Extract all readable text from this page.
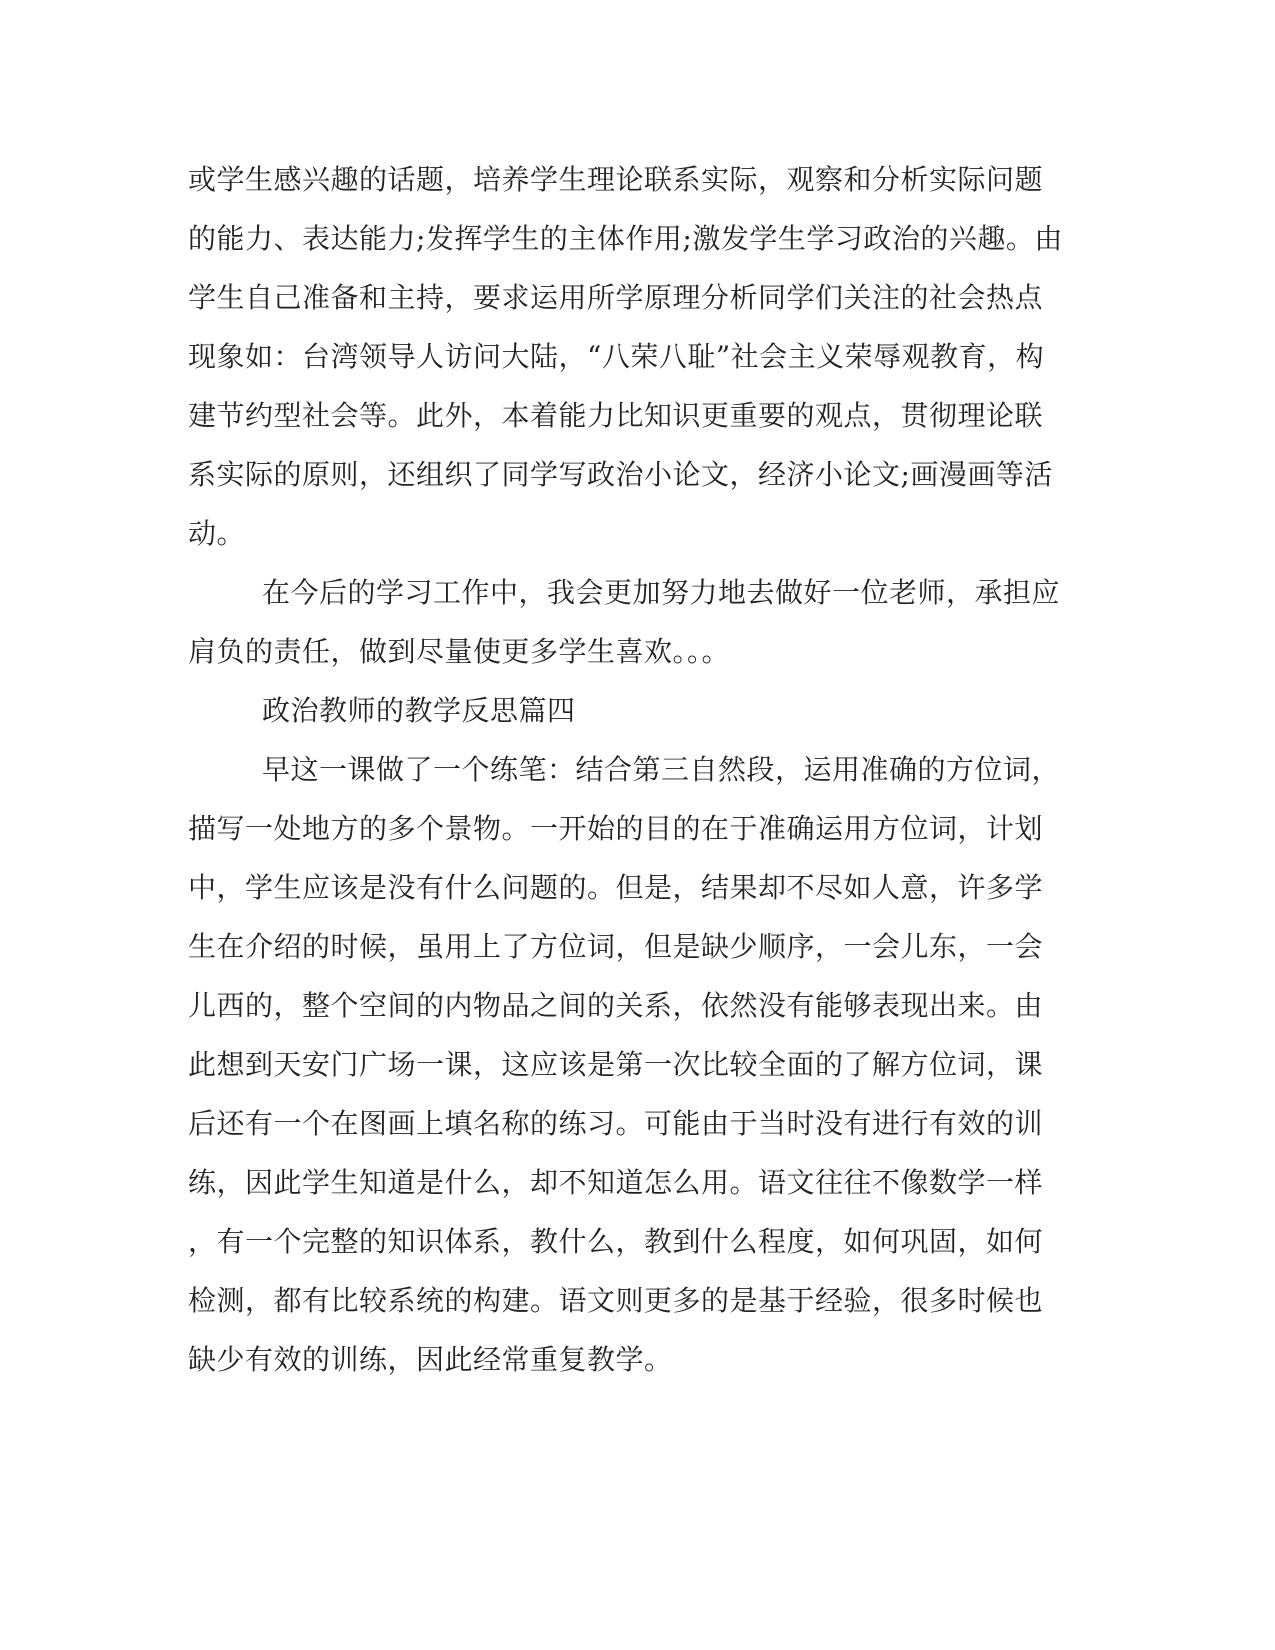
或学生感兴趣的话题，培养学生理论联系实际，观察和分析实际问题
的能力、表达能力;发挥学生的主体作用;激发学生学习政治的兴趣。由
学生自己准备和主持，要求运用所学原理分析同学们关注的社会热点
现象如：台湾领导人访问大陆，“八荣八耻”社会主义荣辱观教育，构
建节约型社会等。此外，本着能力比知识更重要的观点，贯彻理论联
系实际的原则，还组织了同学写政治小论文，经济小论文;画漫画等活
动。
在今后的学习工作中，我会更加努力地去做好一位老师，承担应
肩负的责任，做到尽量使更多学生喜欢。。。
政治教师的教学反思篇四
早这一课做了一个练笔：结合第三自然段，运用准确的方位词，
描写一处地方的多个景物。一开始的目的在于准确运用方位词，计划
中，学生应该是没有什么问题的。但是，结果却不尽如人意，许多学
生在介绍的时候，虽用上了方位词，但是缺少顺序，一会儿东，一会
儿西的，整个空间的内物品之间的关系，依然没有能够表现出来。由
此想到天安门广场一课，这应该是第一次比较全面的了解方位词，课
后还有一个在图画上填名称的练习。可能由于当时没有进行有效的训
练，因此学生知道是什么，却不知道怎么用。语文往往不像数学一样
，有一个完整的知识体系，教什么，教到什么程度，如何巩固，如何
检测，都有比较系统的构建。语文则更多的是基于经验，很多时候也
缺少有效的训练，因此经常重复教学。
